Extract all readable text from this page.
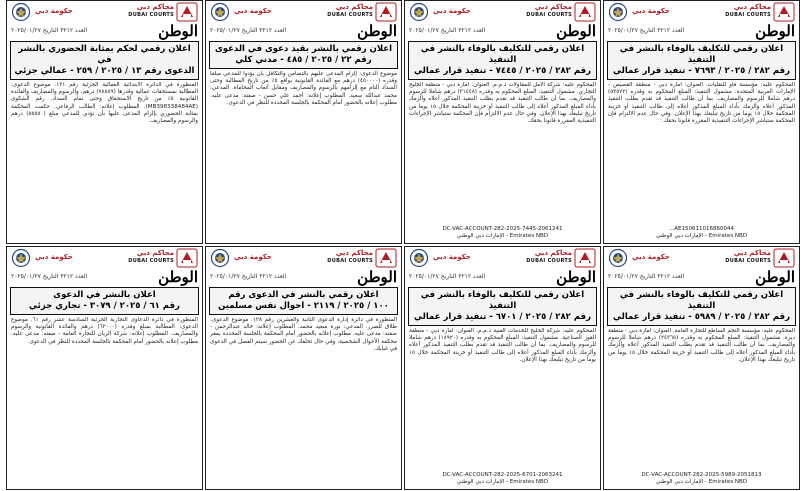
محاكم دبي
DUBAI COURTS
حكومة دبي
الوطن
العدد ٣٢١٢ التاريخ ٢٠٢٥/٠١/٢٧
اعلان رقمي للتكليف بالوفاء بالنشر في التنفيذ
رقم ٢٨٢ / ٢٠٢٥ / ٧٦٩٣ - تنفيذ قرار عمالي
المحكوم عليه: مؤسسة فاو للنقليات. العنوان: امارة دبي - منطقة القصيص - الإمارات العربية المتحدة. مشمول التنفيذ: المبلغ المحكوم به وقدره (٥٢٥٧٢) درهم شاملا للرسوم والمصاريف. بما أن طالب التنفيذ قد تقدم بطلب التنفيذ المذكور أعلاه وألزمك بأداء المبلغ المذكور أعلاه إلى طالب التنفيذ أو خزينة المحكمة خلال ١٥ يوما من تاريخ تبليغك بهذا الإعلان. وفي حال عدم الالتزام فإن المحكمة ستباشر الإجراءات التنفيذية المقررة قانونا بحقك.
AE150611016860044...
Emirates NBD - الإمارات دبي الوطني
محاكم دبي
DUBAI COURTS
حكومة دبي
الوطن
العدد ٣٢١٢ التاريخ ٢٠٢٥/٠١/٢٧
اعلان رقمي للتكليف بالوفاء بالنشر في التنفيذ
رقم ٢٨٢ / ٢٠٢٥ / ٧٤٤٥ - تنفيذ قرار عمالي
المحكوم عليه: شركة الأمل للمقاولات ذ.م.م. العنوان: امارة دبي - منطقة الخليج التجاري. مشمول التنفيذ: المبلغ المحكوم به وقدره (٣١٤٤٨) درهم شاملا للرسوم والمصاريف. بما أن طالب التنفيذ قد تقدم بطلب التنفيذ المذكور أعلاه وألزمك بأداء المبلغ المذكور أعلاه إلى طالب التنفيذ أو خزينة المحكمة خلال ١٥ يوما من تاريخ تبليغك بهذا الإعلان. وفي حال عدم الالتزام فإن المحكمة ستباشر الإجراءات التنفيذية المقررة قانونا بحقك.
DC-VAC-ACCOUNT-282-2025-7445-2061241
Emirates NBD - الإمارات دبي الوطني
محاكم دبي
DUBAI COURTS
حكومة دبي
الوطن
العدد ٣٢١٢ التاريخ ٢٠٢٥/٠١/٢٧
اعلان رقمي بالنشر بقيد دعوى في الدعوى
رقم ٢٢ / ٢٠٢٥ / ٤٨٥ - مدني كلي
موضوع الدعوى: إلزام المدعى عليهم بالتضامن والتكافل بأن يؤدوا للمدعي مبلغا وقدره (٤٥٠٠٠٠) درهم مع الفائدة القانونية بواقع ٥٪ من تاريخ المطالبة وحتى السداد التام مع إلزامهم بالرسوم والمصاريف ومقابل أتعاب المحاماة. المدعي: محمد عبدالله سعيد. المطلوب إعلانه: أحمد علي حسن - صفته: مدعى عليه. مطلوب إعلانه بالحضور أمام المحكمة بالجلسة المحددة للنظر في الدعوى.
محاكم دبي
DUBAI COURTS
حكومة دبي
الوطن
العدد ٣٢١٢ التاريخ ٢٠٢٥/٠١/٢٧
اعلان رقمي لحكم بمثابة الحضوري بالنشر في
الدعوى رقم ١٣ / ٢٠٢٥ / ٢٥٩ - عمالي جزئي
المنظورة في الدائرة الابتدائية العمالية الجزئية رقم ١٣١. موضوع الدعوى: المطالبة بمستحقات عمالية وقدرها (٧٨٨٨٩) درهم، والرسوم والمصاريف والفائدة القانونية ٥٪ من تاريخ الاستحقاق وحتى تمام السداد. رقم الشكوى (MB398338484AE). المطلوب إعلانه: الطالب الرفاعي. حكمت المحكمة بمثابة الحضوري بإلزام المدعى عليها بأن تؤدي للمدعي مبلغ (٥٥٥٥٠) درهم والرسوم والمصاريف.
محاكم دبي
DUBAI COURTS
حكومة دبي
الوطن
العدد ٣٢١٢ التاريخ ٢٠٢٥/٠١/٢٧
اعلان رقمي للتكليف بالوفاء بالنشر في التنفيذ
رقم ٢٨٢ / ٢٠٢٥ / ٥٩٨٩ - تنفيذ قرار عمالي
المحكوم عليه: مؤسسة النجم الساطع للتجارة العامة. العنوان: امارة دبي - منطقة ديرة. مشمول التنفيذ: المبلغ المحكوم به وقدره (٢٤٣٦٥) درهم شاملا للرسوم والمصاريف. بما أن طالب التنفيذ قد تقدم بطلب التنفيذ المذكور أعلاه وألزمك بأداء المبلغ المذكور أعلاه إلى طالب التنفيذ أو خزينة المحكمة خلال ١٥ يوما من تاريخ تبليغك بهذا الإعلان.
DC-VAC-ACCOUNT-282-2025-5989-2051813
Emirates NBD - الإمارات دبي الوطني
محاكم دبي
DUBAI COURTS
حكومة دبي
الوطن
العدد ٣٢١٢ التاريخ ٢٠٢٥/٠١/٢٧
اعلان رقمي للتكليف بالوفاء بالنشر في التنفيذ
رقم ٢٨٢ / ٢٠٢٥ / ٦٧٠١ - تنفيذ قرار عمالي
المحكوم عليه: شركة الخليج للخدمات الفنية ذ.م.م. العنوان: امارة دبي - منطقة القوز الصناعية. مشمول التنفيذ: المبلغ المحكوم به وقدره (١٨٩٢٠) درهم شاملا للرسوم والمصاريف. بما أن طالب التنفيذ قد تقدم بطلب التنفيذ المذكور أعلاه وألزمك بأداء المبلغ المذكور أعلاه إلى طالب التنفيذ أو خزينة المحكمة خلال ١٥ يوما من تاريخ تبليغك بهذا الإعلان.
DC-VAC-ACCOUNT-282-2025-6701-2063241
Emirates NBD - الإمارات دبي الوطني
محاكم دبي
DUBAI COURTS
حكومة دبي
الوطن
العدد ٣٢١٢ التاريخ ٢٠٢٥/٠١/٢٧
اعلان رقمي بالنشر في الدعوى رقم
١٠٠ / ٢٠٢٥ / ٢١١٩ - احوال نفس مسلمين
المنظورة في دائرة إدارة الدعوى الثانية والعشرين رقم ١٢٨. موضوع الدعوى: طلاق للضرر. المدعي: نورة سعيد محمد. المطلوب إعلانه: خالد عبدالرحمن - صفته: مدعى عليه. مطلوب إعلانه بالحضور أمام المحكمة بالجلسة المحددة بمقر محكمة الأحوال الشخصية، وفي حال تخلفك عن الحضور سيتم الفصل في الدعوى في غيابك.
محاكم دبي
DUBAI COURTS
حكومة دبي
الوطن
العدد ٣٢١٢ التاريخ ٢٠٢٥/٠١/٢٧
اعلان بالنشر في الدعوى
رقم ٦١ / ٢٠٢٥ / ٣٠٧٩ - تجاري جزئي
المنظورة في دائرة الدعاوى التجارية الجزئية السادسة عشر رقم ٦١. موضوع الدعوى: المطالبة بمبلغ وقدره (٦٢٠٠٠) درهم والفائدة القانونية والرسوم والمصاريف. المطلوب إعلانه: شركة الريان للتجارة العامة - صفته: مدعى عليه. مطلوب إعلانه بالحضور أمام المحكمة بالجلسة المحددة للنظر في الدعوى.
